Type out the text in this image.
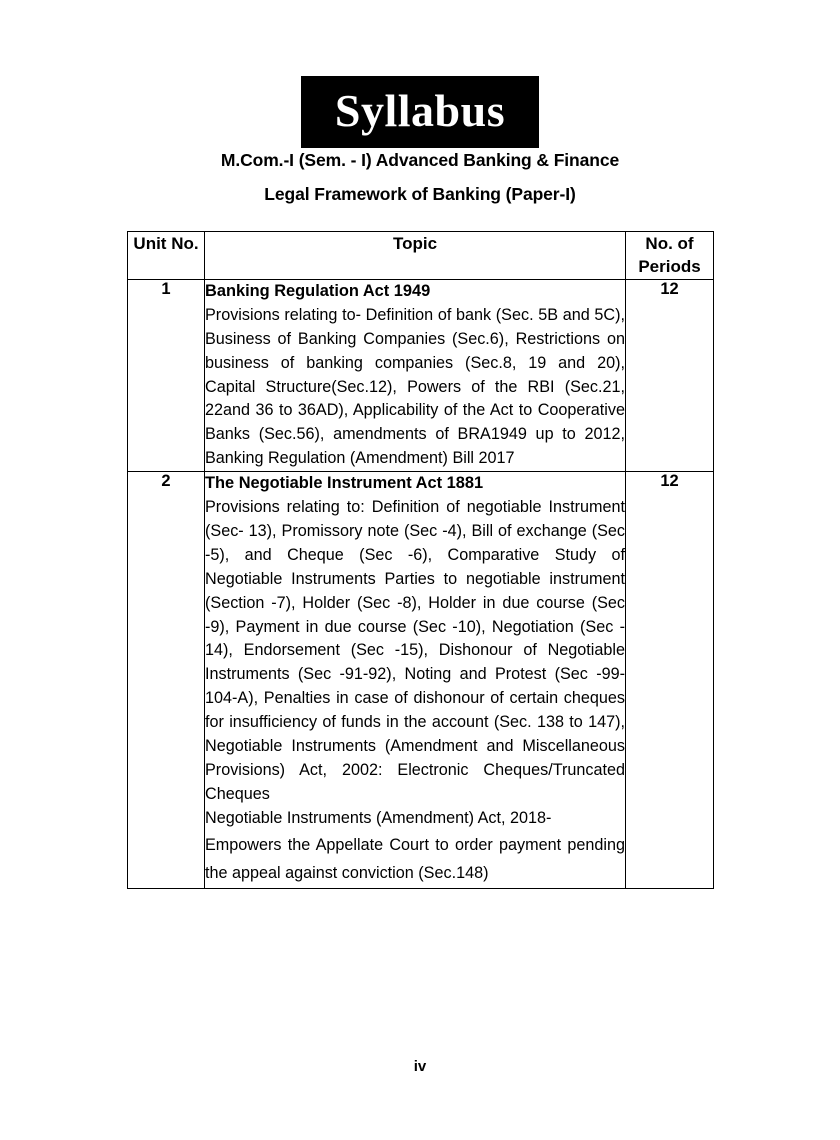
Syllabus
M.Com.-I (Sem. - I) Advanced Banking & Finance
Legal Framework of Banking (Paper-I)
Unit No.	Topic	No. of Periods
1	Banking Regulation Act 1949

Provisions relating to- Definition of bank (Sec. 5B and 5C), Business of Banking Companies (Sec.6), Restrictions on business of banking companies (Sec.8, 19 and 20), Capital Structure(Sec.12), Powers of the RBI (Sec.21, 22and 36 to 36AD), Applicability of the Act to Cooperative Banks (Sec.56), amendments of BRA1949 up to 2012, Banking Regulation (Amendment) Bill 2017	12
2	The Negotiable Instrument Act 1881

Provisions relating to: Definition of negotiable Instrument (Sec- 13), Promissory note (Sec -4), Bill of exchange (Sec -5), and Cheque (Sec -6), Comparative Study of Negotiable Instruments Parties to negotiable instrument (Section -7), Holder (Sec -8), Holder in due course (Sec -9), Payment in due course (Sec -10), Negotiation (Sec - 14), Endorsement (Sec -15), Dishonour of Negotiable Instruments (Sec -91-92), Noting and Protest (Sec -99-104-A), Penalties in case of dishonour of certain cheques for insufficiency of funds in the account (Sec. 138 to 147), Negotiable Instruments (Amendment and Miscellaneous Provisions) Act, 2002: Electronic Cheques/Truncated Cheques

Negotiable Instruments (Amendment) Act, 2018-

Empowers the Appellate Court to order payment pending the appeal against conviction (Sec.148)	12
iv
